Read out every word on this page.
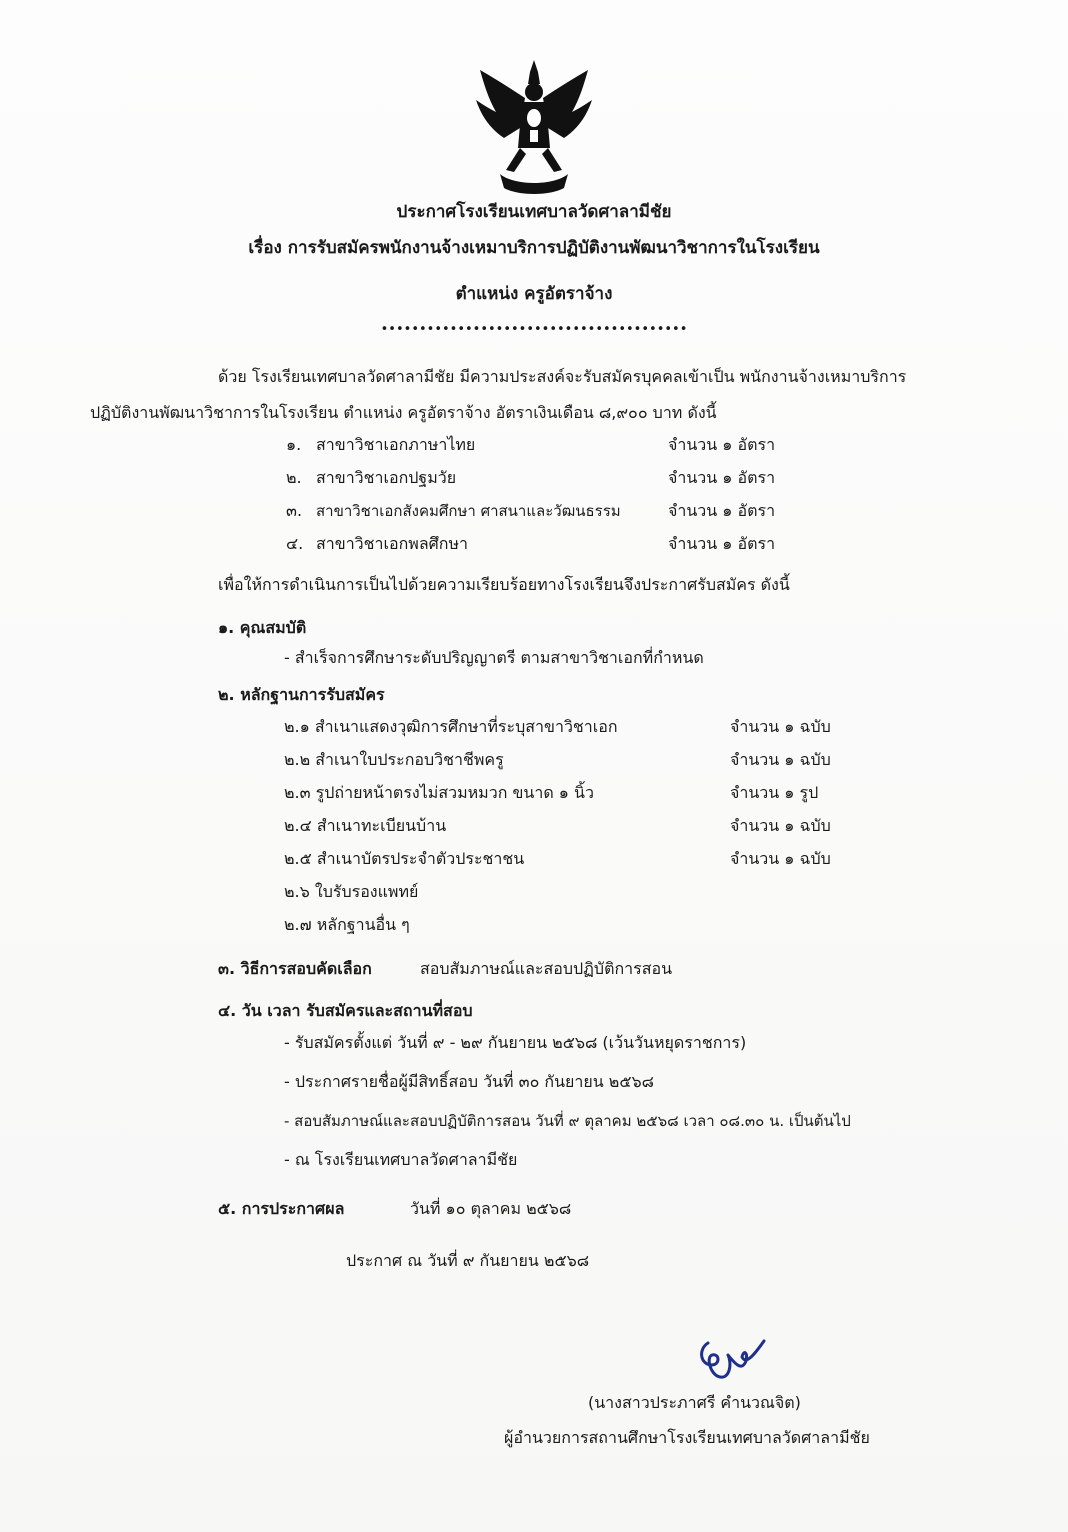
ประกาศโรงเรียนเทศบาลวัดศาลามีชัย
เรื่อง การรับสมัครพนักงานจ้างเหมาบริการปฏิบัติงานพัฒนาวิชาการในโรงเรียน
ตำแหน่ง ครูอัตราจ้าง
••••••••••••••••••••••••••••••••••••••••
ด้วย โรงเรียนเทศบาลวัดศาลามีชัย มีความประสงค์จะรับสมัครบุคคลเข้าเป็น พนักงานจ้างเหมาบริการ
ปฏิบัติงานพัฒนาวิชาการในโรงเรียน ตำแหน่ง ครูอัตราจ้าง อัตราเงินเดือน ๘,๙๐๐ บาท ดังนี้
๑. สาขาวิชาเอกภาษาไทย	จำนวน ๑ อัตรา
๒. สาขาวิชาเอกปฐมวัย	จำนวน ๑ อัตรา
๓. สาขาวิชาเอกสังคมศึกษา ศาสนาและวัฒนธรรม	จำนวน ๑ อัตรา
๔. สาขาวิชาเอกพลศึกษา	จำนวน ๑ อัตรา
เพื่อให้การดำเนินการเป็นไปด้วยความเรียบร้อยทางโรงเรียนจึงประกาศรับสมัคร ดังนี้
๑. คุณสมบัติ
- สำเร็จการศึกษาระดับปริญญาตรี ตามสาขาวิชาเอกที่กำหนด
๒. หลักฐานการรับสมัคร
๒.๑ สำเนาแสดงวุฒิการศึกษาที่ระบุสาขาวิชาเอก	จำนวน ๑ ฉบับ
๒.๒ สำเนาใบประกอบวิชาชีพครู	จำนวน ๑ ฉบับ
๒.๓ รูปถ่ายหน้าตรงไม่สวมหมวก ขนาด ๑ นิ้ว	จำนวน ๑ รูป
๒.๔ สำเนาทะเบียนบ้าน	จำนวน ๑ ฉบับ
๒.๕ สำเนาบัตรประจำตัวประชาชน	จำนวน ๑ ฉบับ
๒.๖ ใบรับรองแพทย์
๒.๗ หลักฐานอื่น ๆ
๓. วิธีการสอบคัดเลือก	สอบสัมภาษณ์และสอบปฏิบัติการสอน
๔. วัน เวลา รับสมัครและสถานที่สอบ
- รับสมัครตั้งแต่ วันที่ ๙ - ๒๙ กันยายน ๒๕๖๘ (เว้นวันหยุดราชการ)
- ประกาศรายชื่อผู้มีสิทธิ์สอบ วันที่ ๓๐ กันยายน ๒๕๖๘
- สอบสัมภาษณ์และสอบปฏิบัติการสอน วันที่ ๙ ตุลาคม ๒๕๖๘ เวลา ๐๘.๓๐ น. เป็นต้นไป
- ณ โรงเรียนเทศบาลวัดศาลามีชัย
๕. การประกาศผล	วันที่ ๑๐ ตุลาคม ๒๕๖๘
ประกาศ ณ วันที่ ๙ กันยายน ๒๕๖๘
(นางสาวประภาศรี คำนวณจิต)
ผู้อำนวยการสถานศึกษาโรงเรียนเทศบาลวัดศาลามีชัย
